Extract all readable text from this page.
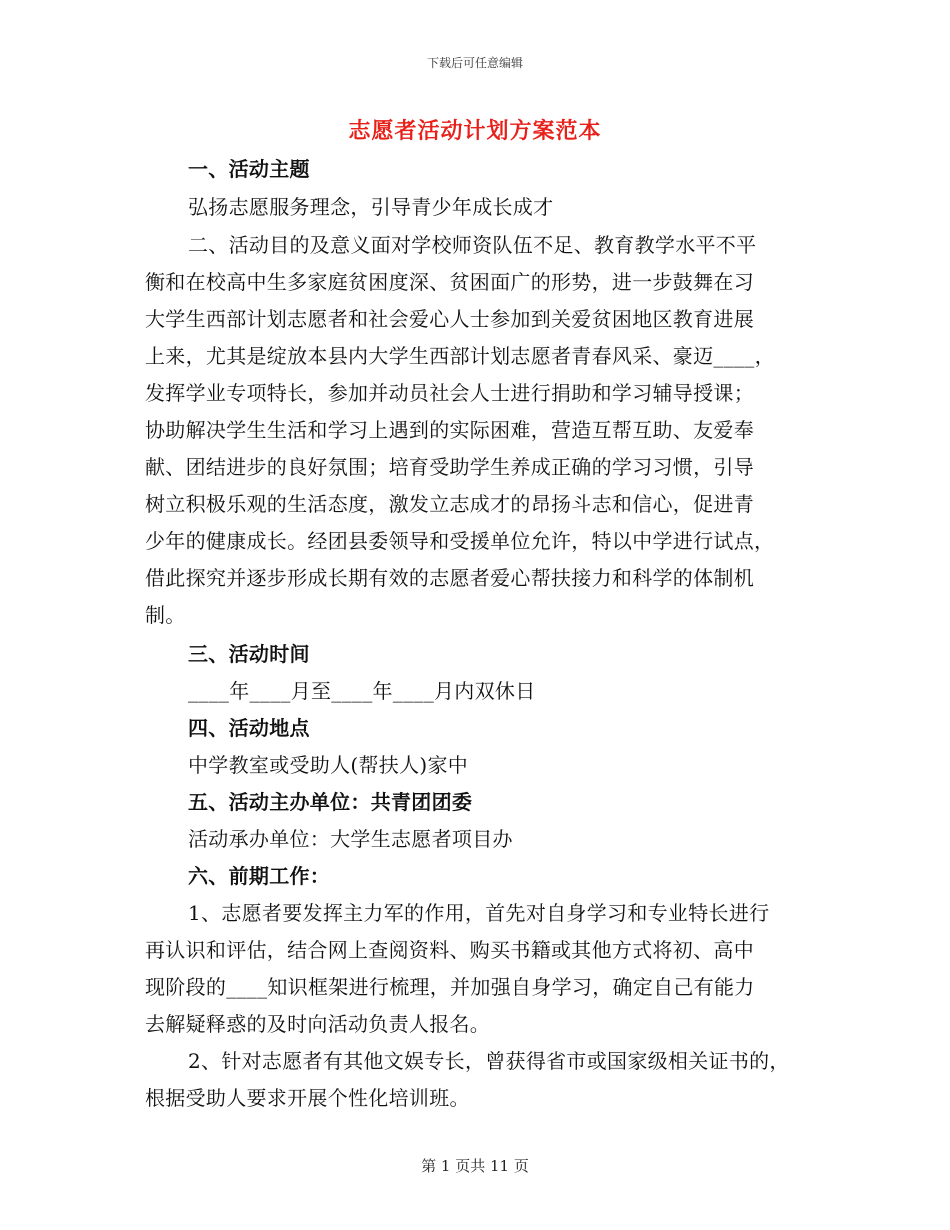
下载后可任意编辑
志愿者活动计划方案范本
一、活动主题
弘扬志愿服务理念，引导青少年成长成才
二、活动目的及意义面对学校师资队伍不足、教育教学水平不平
衡和在校高中生多家庭贫困度深、贫困面广的形势，进一步鼓舞在习
大学生西部计划志愿者和社会爱心人士参加到关爱贫困地区教育进展
上来，尤其是绽放本县内大学生西部计划志愿者青春风采、豪迈____，
发挥学业专项特长，参加并动员社会人士进行捐助和学习辅导授课；
协助解决学生生活和学习上遇到的实际困难，营造互帮互助、友爱奉
献、团结进步的良好氛围；培育受助学生养成正确的学习习惯，引导
树立积极乐观的生活态度，激发立志成才的昂扬斗志和信心，促进青
少年的健康成长。经团县委领导和受援单位允许，特以中学进行试点，
借此探究并逐步形成长期有效的志愿者爱心帮扶接力和科学的体制机
制。
三、活动时间
____年____月至____年____月内双休日
四、活动地点
中学教室或受助人(帮扶人)家中
五、活动主办单位：共青团团委
活动承办单位：大学生志愿者项目办
六、前期工作：
1、志愿者要发挥主力军的作用，首先对自身学习和专业特长进行
再认识和评估，结合网上查阅资料、购买书籍或其他方式将初、高中
现阶段的____知识框架进行梳理，并加强自身学习，确定自己有能力
去解疑释惑的及时向活动负责人报名。
2、针对志愿者有其他文娱专长，曾获得省市或国家级相关证书的，
根据受助人要求开展个性化培训班。
第 1 页共 11 页
